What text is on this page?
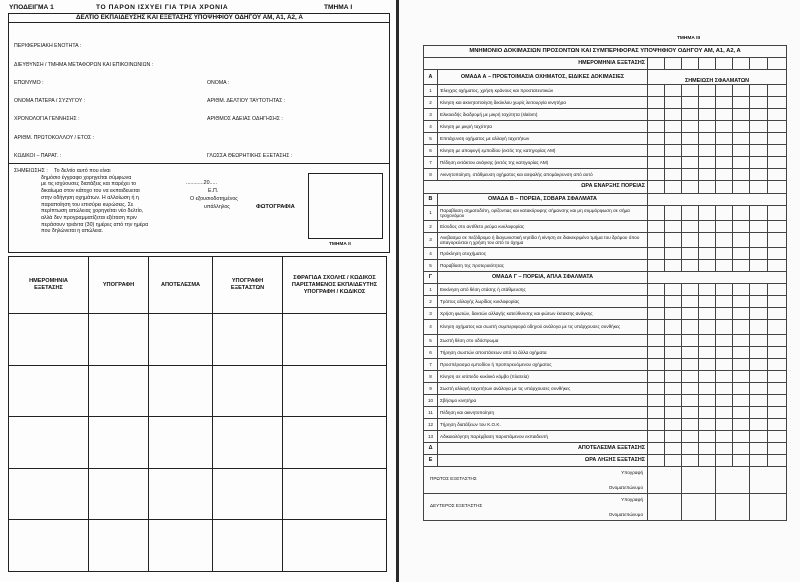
ΥΠΟΔΕΙΓΜΑ 1	ΤΟ ΠΑΡΟΝ ΙΣΧΥΕΙ ΓΙΑ ΤΡΙΑ ΧΡΟΝΙΑ	ΤΜΗΜΑ Ι
ΔΕΛΤΙΟ ΕΚΠΑΙΔΕΥΣΗΣ ΚΑΙ ΕΞΕΤΑΣΗΣ ΥΠΟΨΗΦΙΟΥ ΟΔΗΓΟΥ ΑΜ, Α1, Α2, Α
ΠΕΡΙΦΕΡΕΙΑΚΗ ΕΝΟΤΗΤΑ :
ΔΙΕΥΘΥΝΣΗ / ΤΜΗΜΑ ΜΕΤΑΦΟΡΩΝ ΚΑΙ ΕΠΙΚΟΙΝΩΝΙΩΝ :
ΕΠΩΝΥΜΟ :	ΟΝΟΜΑ :
ΟΝΟΜΑ ΠΑΤΕΡΑ / ΣΥΖΥΓΟΥ :	ΑΡΙΘΜ. ΔΕΛΤΙΟΥ ΤΑΥΤΟΤΗΤΑΣ :
ΧΡΟΝΟΛΟΓΙΑ ΓΕΝΝΗΣΗΣ :	ΑΡΙΘΜΟΣ ΑΔΕΙΑΣ ΟΔΗΓΗΣΗΣ :
ΑΡΙΘΜ. ΠΡΩΤΟΚΟΛΛΟΥ / ΕΤΟΣ :
ΚΩΔΙΚΟΙ – ΠΑΡΑΤ. :	ΓΛΩΣΣΑ ΘΕΩΡΗΤΙΚΗΣ ΕΞΕΤΑΣΗΣ :
ΣΗΜΕΙΩΣΗΣ : Το δελτίο αυτό που είναι
δημόσιο έγγραφο χορηγείται σύμφωνα
με τις ισχύουσες διατάξεις και παρέχει το
δικαίωμα στον κάτοχο του να εκπαιδευεται
στην οδήγηση οχημάτων. Η αλλοίωση ή η
παραποίηση του επισύρει κυρώσεις. Σε
περίπτωση απώλειας χορηγείται νέο δελτίο,
αλλά δεν προγραμματίζεται εξέταση πριν
περάσουν τριάντα (30) ημέρες από την ημέρα
που δηλώνεται η απώλεια.
............20.....
Ε.Π.
Ο εξουσιοδοτημένος
υπάλληλος	ΦΩΤΟΓΡΑΦΙΑ
ΤΜΗΜΑ ΙΙ
ΗΜΕΡΟΜΗΝΙΑ ΕΞΕΤΑΣΗΣ	ΥΠΟΓΡΑΦΗ	ΑΠΟΤΕΛΕΣΜΑ	ΥΠΟΓΡΑΦΗ ΕΞΕΤΑΣΤΩΝ	ΣΦΡΑΓΙΔΑ ΣΧΟΛΗΣ / ΚΩΔΙΚΟΣ ΠΑΡΙΣΤΑΜΕΝΟΣ ΕΚΠΑΙΔΕΥΤΗΣ ΥΠΟΓΡΑΦΗ / ΚΩΔΙΚΟΣ

ΤΜΗΜΑ ΙΙΙ
ΜΝΗΜΟΝΙΟ ΔΟΚΙΜΑΣΙΩΝ ΠΡΟΣΟΝΤΩΝ ΚΑΙ ΣΥΜΠΕΡΙΦΟΡΑΣ ΥΠΟΨΗΦΙΟΥ ΟΔΗΓΟΥ ΑΜ, Α1, Α2, Α									
ΗΜΕΡΟΜΗΝΙΑ ΕΞΕΤΑΣΗΣ									
Α	ΟΜΑΔΑ Α – ΠΡΟΕΤΟΙΜΑΣΙΑ ΟΧΗΜΑΤΟΣ, ΕΙΔΙΚΕΣ ΔΟΚΙΜΑΣΙΕΣ	ΣΗΜΕΙΩΣΗ ΣΦΑΛΜΑΤΩΝ							
1	Έλεγχος οχήματος, χρήση κράνους και προστατευτικών								
2	Κίνηση και ακινητοποίηση δικύκλου χωρίς λειτουργία κινητήρα								
3	Ελικοειδής διαδρομή με μικρή ταχύτητα (slalom)								
4	Κίνηση με μικρή ταχύτητα								
5	Επιτάχυνση οχήματος με αλλαγή ταχυτήτων								
6	Κίνηση με αποφυγή εμποδίου (εκτός της κατηγορίας ΑΜ)								
7	Πέδηση εκτάκτου ανάγκης (εκτός της κατηγορίας ΑΜ)								
8	Ακινητοποίηση, στάθμευση οχήματος και ασφαλής απομάκρυνση από αυτό								
ΩΡΑ ΕΝΑΡΞΗΣ ΠΟΡΕΙΑΣ									
Β	ΟΜΑΔΑ Β – ΠΟΡΕΙΑ, ΣΟΒΑΡΑ ΣΦΑΛΜΑΤΑ								
1	Παραβίαση σηματοδότη, ορίζοντιας και κατακόρυφης σήμανσης και μη συμμόρφωση σε σήμα τροχονόμου								
2	Είσοδος στο αντίθετο ρεύμα κυκλοφορίας								
3	Ανεβασμα σε πεζόδρομο ή διαγωνιστική νησίδα ή κίνηση σε διακεκριμένο τμήμα του δρόμου όπου απαγορεύεται η χρήση του από το όχημα								
4	Πρόκληση ατυχήματος								
5	Παραβίαση της προτεραιότητας								
Γ	ΟΜΑΔΑ Γ – ΠΟΡΕΙΑ, ΑΠΛΑ ΣΦΑΛΜΑΤΑ								
1	Εκκίνηση από θέση στάσης ή στάθμευσης								
2	Τρόπος αλλαγής λωρίδας κυκλοφορίας								
3	Χρήση φωτών, δεικτών αλλαγής κατεύθυνσης και φώτων έκτακτης ανάγκης								
4	Κίνηση οχήματος και σωστή συμπεριφορά οδηγού ανάλογα με τις υπάρχουσες συνθήκες								
5	Σωστή θέση στο οδόστρωμα								
6	Τήρηση σωστών αποστάσεων από τα άλλα οχήματα								
7	Προσπέρασμα εμποδίου ή προπορευόμενου οχήματος								
8	Κίνηση σε ισόπεδο κυκλικό κόμβο (πλατεία)								
9	Σωστή αλλαγή ταχυτήτων ανάλογα με τις υπάρχουσες συνθήκες								
10	Σβήσιμο κινητήρα								
11	Πέδηση και ακινητοποίηση								
12	Τήρηση διατάξεων του Κ.Ο.Κ.								
13	Αδικαιολόγητη παρέμβαση παριστάμενου εκπαιδευτή								
Δ	ΑΠΟΤΕΛΕΣΜΑ ΕΞΕΤΑΣΗΣ								
Ε	ΩΡΑ ΛΗΞΗΣ ΕΞΕΤΑΣΗΣ								

ΠΡΩΤΟΣ ΕΞΕΤΑΣΤΗΣ
Υπογραφή
Ονοματεπώνυμο									

ΔΕΥΤΕΡΟΣ ΕΞΕΤΑΣΤΗΣ
Υπογραφή
Ονοματεπώνυμο									
